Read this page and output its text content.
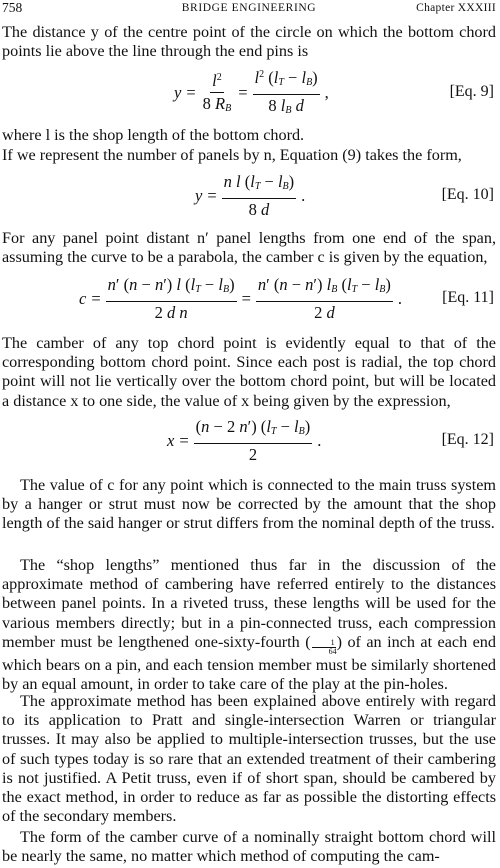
758	BRIDGE ENGINEERING	Chapter XXXIII

The distance y of the centre point of the circle on which the bottom chord points lie above the line through the end pins is

$y = \frac{l^2}{8 R_B} = \frac{l^2 (l_T - l_B)}{8 l_B d}$ ,	[Eq. 9]

where l is the shop length of the bottom chord.

If we represent the number of panels by n, Equation (9) takes the form,

$y = \frac{n l (l_T - l_B)}{8 d}$ .	[Eq. 10]

For any panel point distant n′ panel lengths from one end of the span, assuming the curve to be a parabola, the camber c is given by the equation,

$c = \frac{n' (n - n') l (l_T - l_B)}{\text{2 d n}} = \frac{n' (n - n') l_B (l_T - l_B)}{2 d}$ .	[Eq. 11]

The camber of any top chord point is evidently equal to that of the corresponding bottom chord point. Since each post is radial, the top chord point will not lie vertically over the bottom chord point, but will be located a distance x to one side, the value of x being given by the expression,

$x = \frac{(n - 2 n') (l_T - l_B)}{2}$ .	[Eq. 12]

The value of c for any point which is connected to the main truss system by a hanger or strut must now be corrected by the amount that the shop length of the said hanger or strut differs from the nominal depth of the truss.

The “shop lengths” mentioned thus far in the discussion of the approximate method of cambering have referred entirely to the distances between panel points. In a riveted truss, these lengths will be used for the various members directly; but in a pin-connected truss, each compression member must be lengthened one-sixty-fourth ( $\frac{1}{64}$ ) of an inch at each end which bears on a pin, and each tension member must be similarly shortened by an equal amount, in order to take care of the play at the pin-holes.

The approximate method has been explained above entirely with regard to its application to Pratt and single-intersection Warren or triangular trusses. It may also be applied to multiple-intersection trusses, but the use of such types today is so rare that an extended treatment of their cambering is not justified. A Petit truss, even if of short span, should be cambered by the exact method, in order to reduce as far as possible the distorting effects of the secondary members.

The form of the camber curve of a nominally straight bottom chord will be nearly the same, no matter which method of computing the cam-
